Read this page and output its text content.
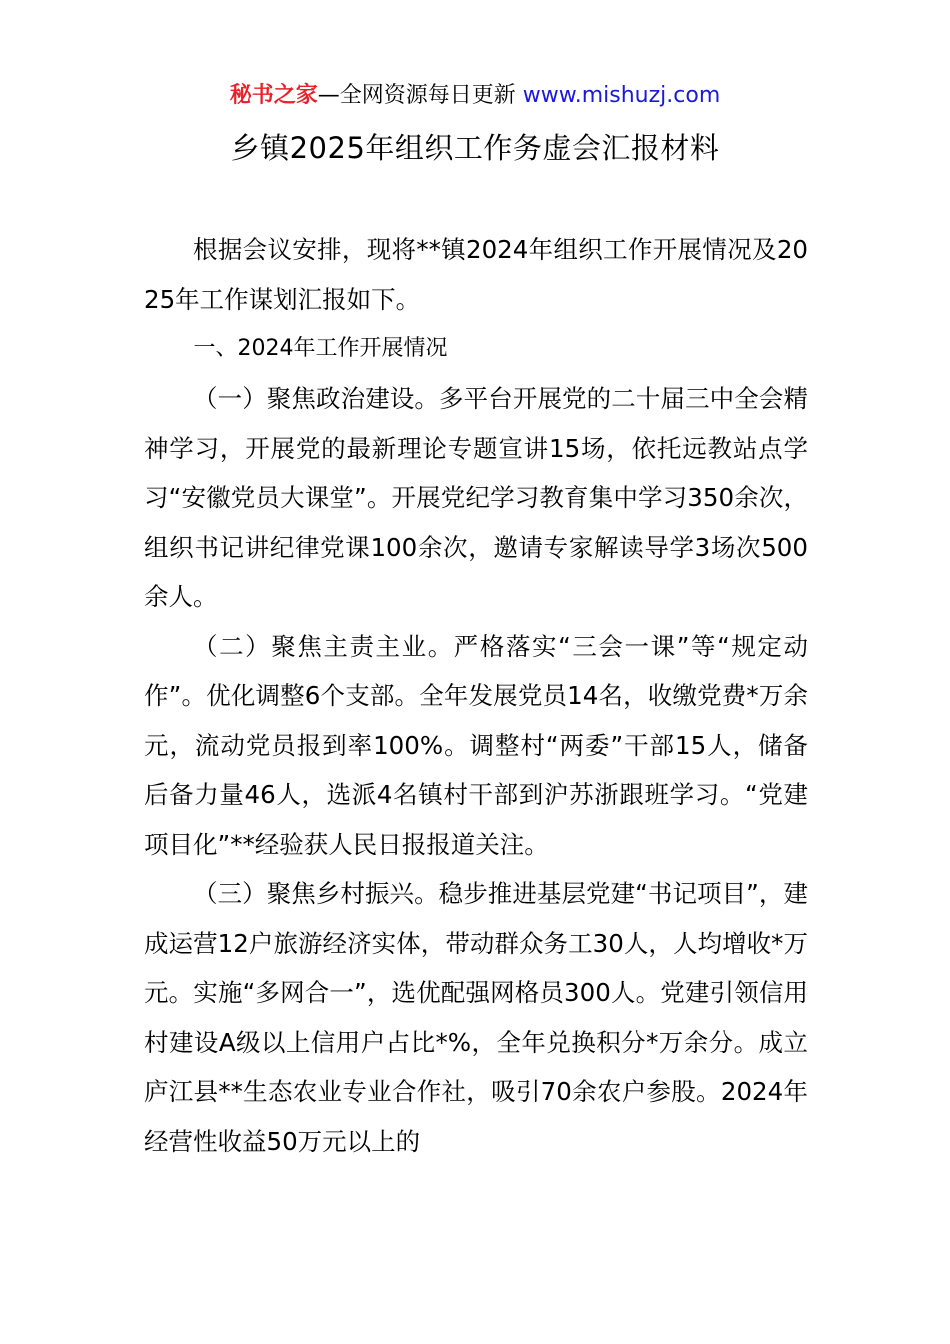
秘书之家—全网资源每日更新 www.mishuzj.com
乡镇2025年组织工作务虚会汇报材料

根据会议安排，现将**镇2024年组织工作开展情况及2025年工作谋划汇报如下。

一、2024年工作开展情况

（一）聚焦政治建设。多平台开展党的二十届三中全会精神学习，开展党的最新理论专题宣讲15场，依托远教站点学习“安徽党员大课堂”。开展党纪学习教育集中学习350余次，组织书记讲纪律党课100余次，邀请专家解读导学3场次500余人。

（二）聚焦主责主业。严格落实“三会一课”等“规定动作”。优化调整6个支部。全年发展党员14名，收缴党费*万余元，流动党员报到率100%。调整村“两委”干部15人，储备后备力量46人，选派4名镇村干部到沪苏浙跟班学习。“党建项目化”**经验获人民日报报道关注。

（三）聚焦乡村振兴。稳步推进基层党建“书记项目”，建成运营12户旅游经济实体，带动群众务工30人，人均增收*万元。实施“多网合一”，选优配强网格员300人。党建引领信用村建设A级以上信用户占比*%，全年兑换积分*万余分。成立庐江县**生态农业专业合作社，吸引70余农户参股。2024年经营性收益50万元以上的
